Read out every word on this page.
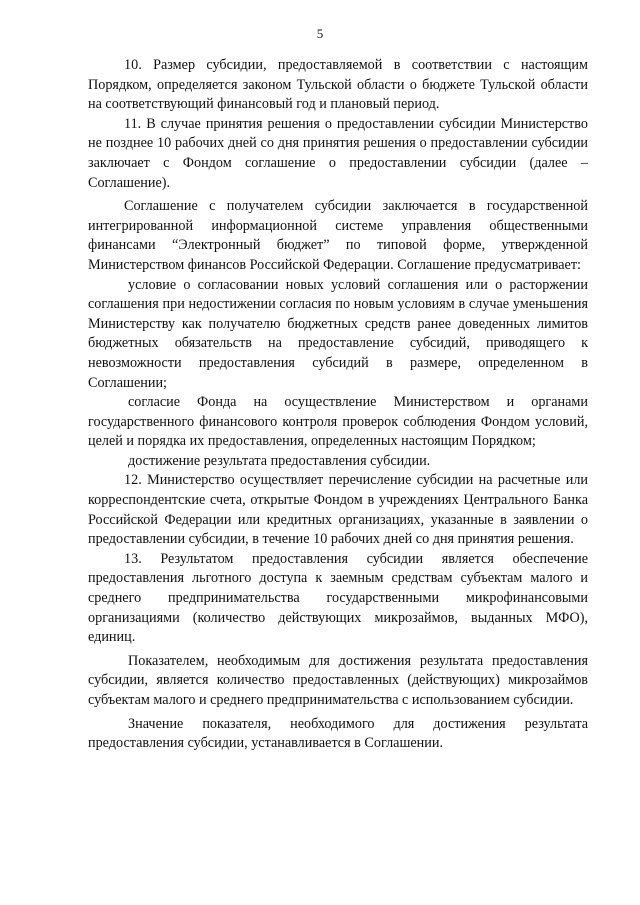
5

10. Размер субсидии, предоставляемой в соответствии с настоящим Порядком, определяется законом Тульской области о бюджете Тульской области на соответствующий финансовый год и плановый период.

11. В случае принятия решения о предоставлении субсидии Министерство не позднее 10 рабочих дней со дня принятия решения о предоставлении субсидии заключает с Фондом соглашение о предоставлении субсидии (далее – Соглашение).

Соглашение с получателем субсидии заключается в государственной интегрированной информационной системе управления общественными финансами “Электронный бюджет” по типовой форме, утвержденной Министерством финансов Российской Федерации. Соглашение предусматривает:

условие о согласовании новых условий соглашения или о расторжении соглашения при недостижении согласия по новым условиям в случае уменьшения Министерству как получателю бюджетных средств ранее доведенных лимитов бюджетных обязательств на предоставление субсидий, приводящего к невозможности предоставления субсидий в размере, определенном в Соглашении;

согласие Фонда на осуществление Министерством и органами государственного финансового контроля проверок соблюдения Фондом условий, целей и порядка их предоставления, определенных настоящим Порядком;

достижение результата предоставления субсидии.

12. Министерство осуществляет перечисление субсидии на расчетные или корреспондентские счета, открытые Фондом в учреждениях Центрального Банка Российской Федерации или кредитных организациях, указанные в заявлении о предоставлении субсидии, в течение 10 рабочих дней со дня принятия решения.

13. Результатом предоставления субсидии является обеспечение предоставления льготного доступа к заемным средствам субъектам малого и среднего предпринимательства государственными микрофинансовыми организациями (количество действующих микрозаймов, выданных МФО), единиц.

Показателем, необходимым для достижения результата предоставления субсидии, является количество предоставленных (действующих) микрозаймов субъектам малого и среднего предпринимательства с использованием субсидии.

Значение показателя, необходимого для достижения результата предоставления субсидии, устанавливается в Соглашении.
